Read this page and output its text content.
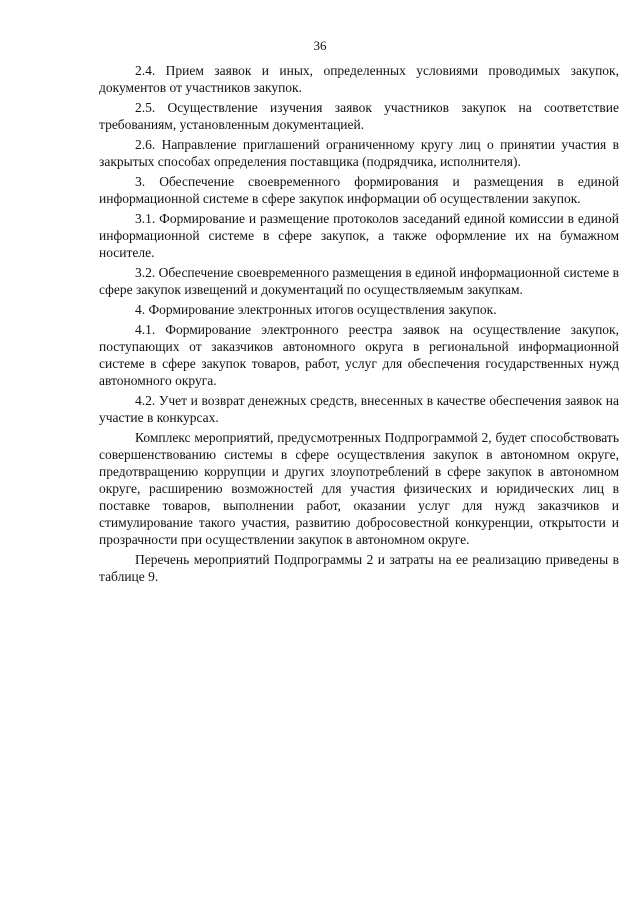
36

2.4. Прием заявок и иных, определенных условиями проводимых закупок, документов от участников закупок.

2.5. Осуществление изучения заявок участников закупок на соответствие требованиям, установленным документацией.

2.6. Направление приглашений ограниченному кругу лиц о принятии участия в закрытых способах определения поставщика (подрядчика, исполнителя).

3. Обеспечение своевременного формирования и размещения в единой информационной системе в сфере закупок информации об осуществлении закупок.

3.1. Формирование и размещение протоколов заседаний единой комиссии в единой информационной системе в сфере закупок, а также оформление их на бумажном носителе.

3.2. Обеспечение своевременного размещения в единой информационной системе в сфере закупок извещений и документаций по осуществляемым закупкам.

4. Формирование электронных итогов осуществления закупок.

4.1. Формирование электронного реестра заявок на осуществление закупок, поступающих от заказчиков автономного округа в региональной информационной системе в сфере закупок товаров, работ, услуг для обеспечения государственных нужд автономного округа.

4.2. Учет и возврат денежных средств, внесенных в качестве обеспечения заявок на участие в конкурсах.

Комплекс мероприятий, предусмотренных Подпрограммой 2, будет способствовать совершенствованию системы в сфере осуществления закупок в автономном округе, предотвращению коррупции и других злоупотреблений в сфере закупок в автономном округе, расширению возможностей для участия физических и юридических лиц в поставке товаров, выполнении работ, оказании услуг для нужд заказчиков и стимулирование такого участия, развитию добросовестной конкуренции, открытости и прозрачности при осуществлении закупок в автономном округе.

Перечень мероприятий Подпрограммы 2 и затраты на ее реализацию приведены в таблице 9.
